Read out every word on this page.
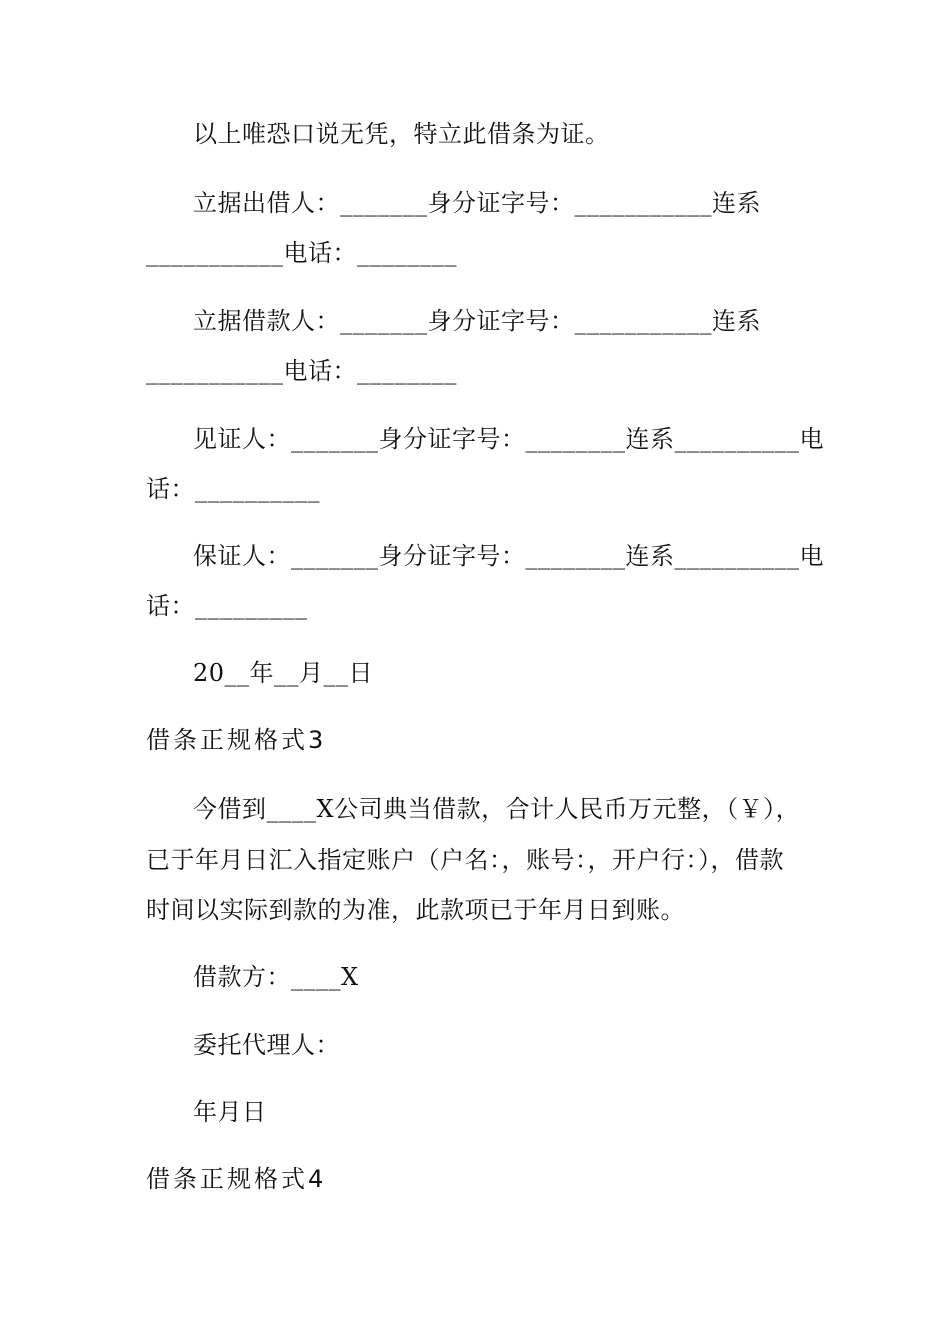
以上唯恐口说无凭，特立此借条为证。
立据出借人：_______身分证字号：___________连系
___________电话：________
立据借款人：_______身分证字号：___________连系
___________电话：________
见证人：_______身分证字号：________连系__________电
话：__________
保证人：_______身分证字号：________连系__________电
话：_________
20__年__月__日
借条正规格式3
今借到____X公司典当借款，合计人民币万元整，（￥），
已于年月日汇入指定账户（户名：，账号：，开户行：），借款
时间以实际到款的为准，此款项已于年月日到账。
借款方：____X
委托代理人：
年月日
借条正规格式4
